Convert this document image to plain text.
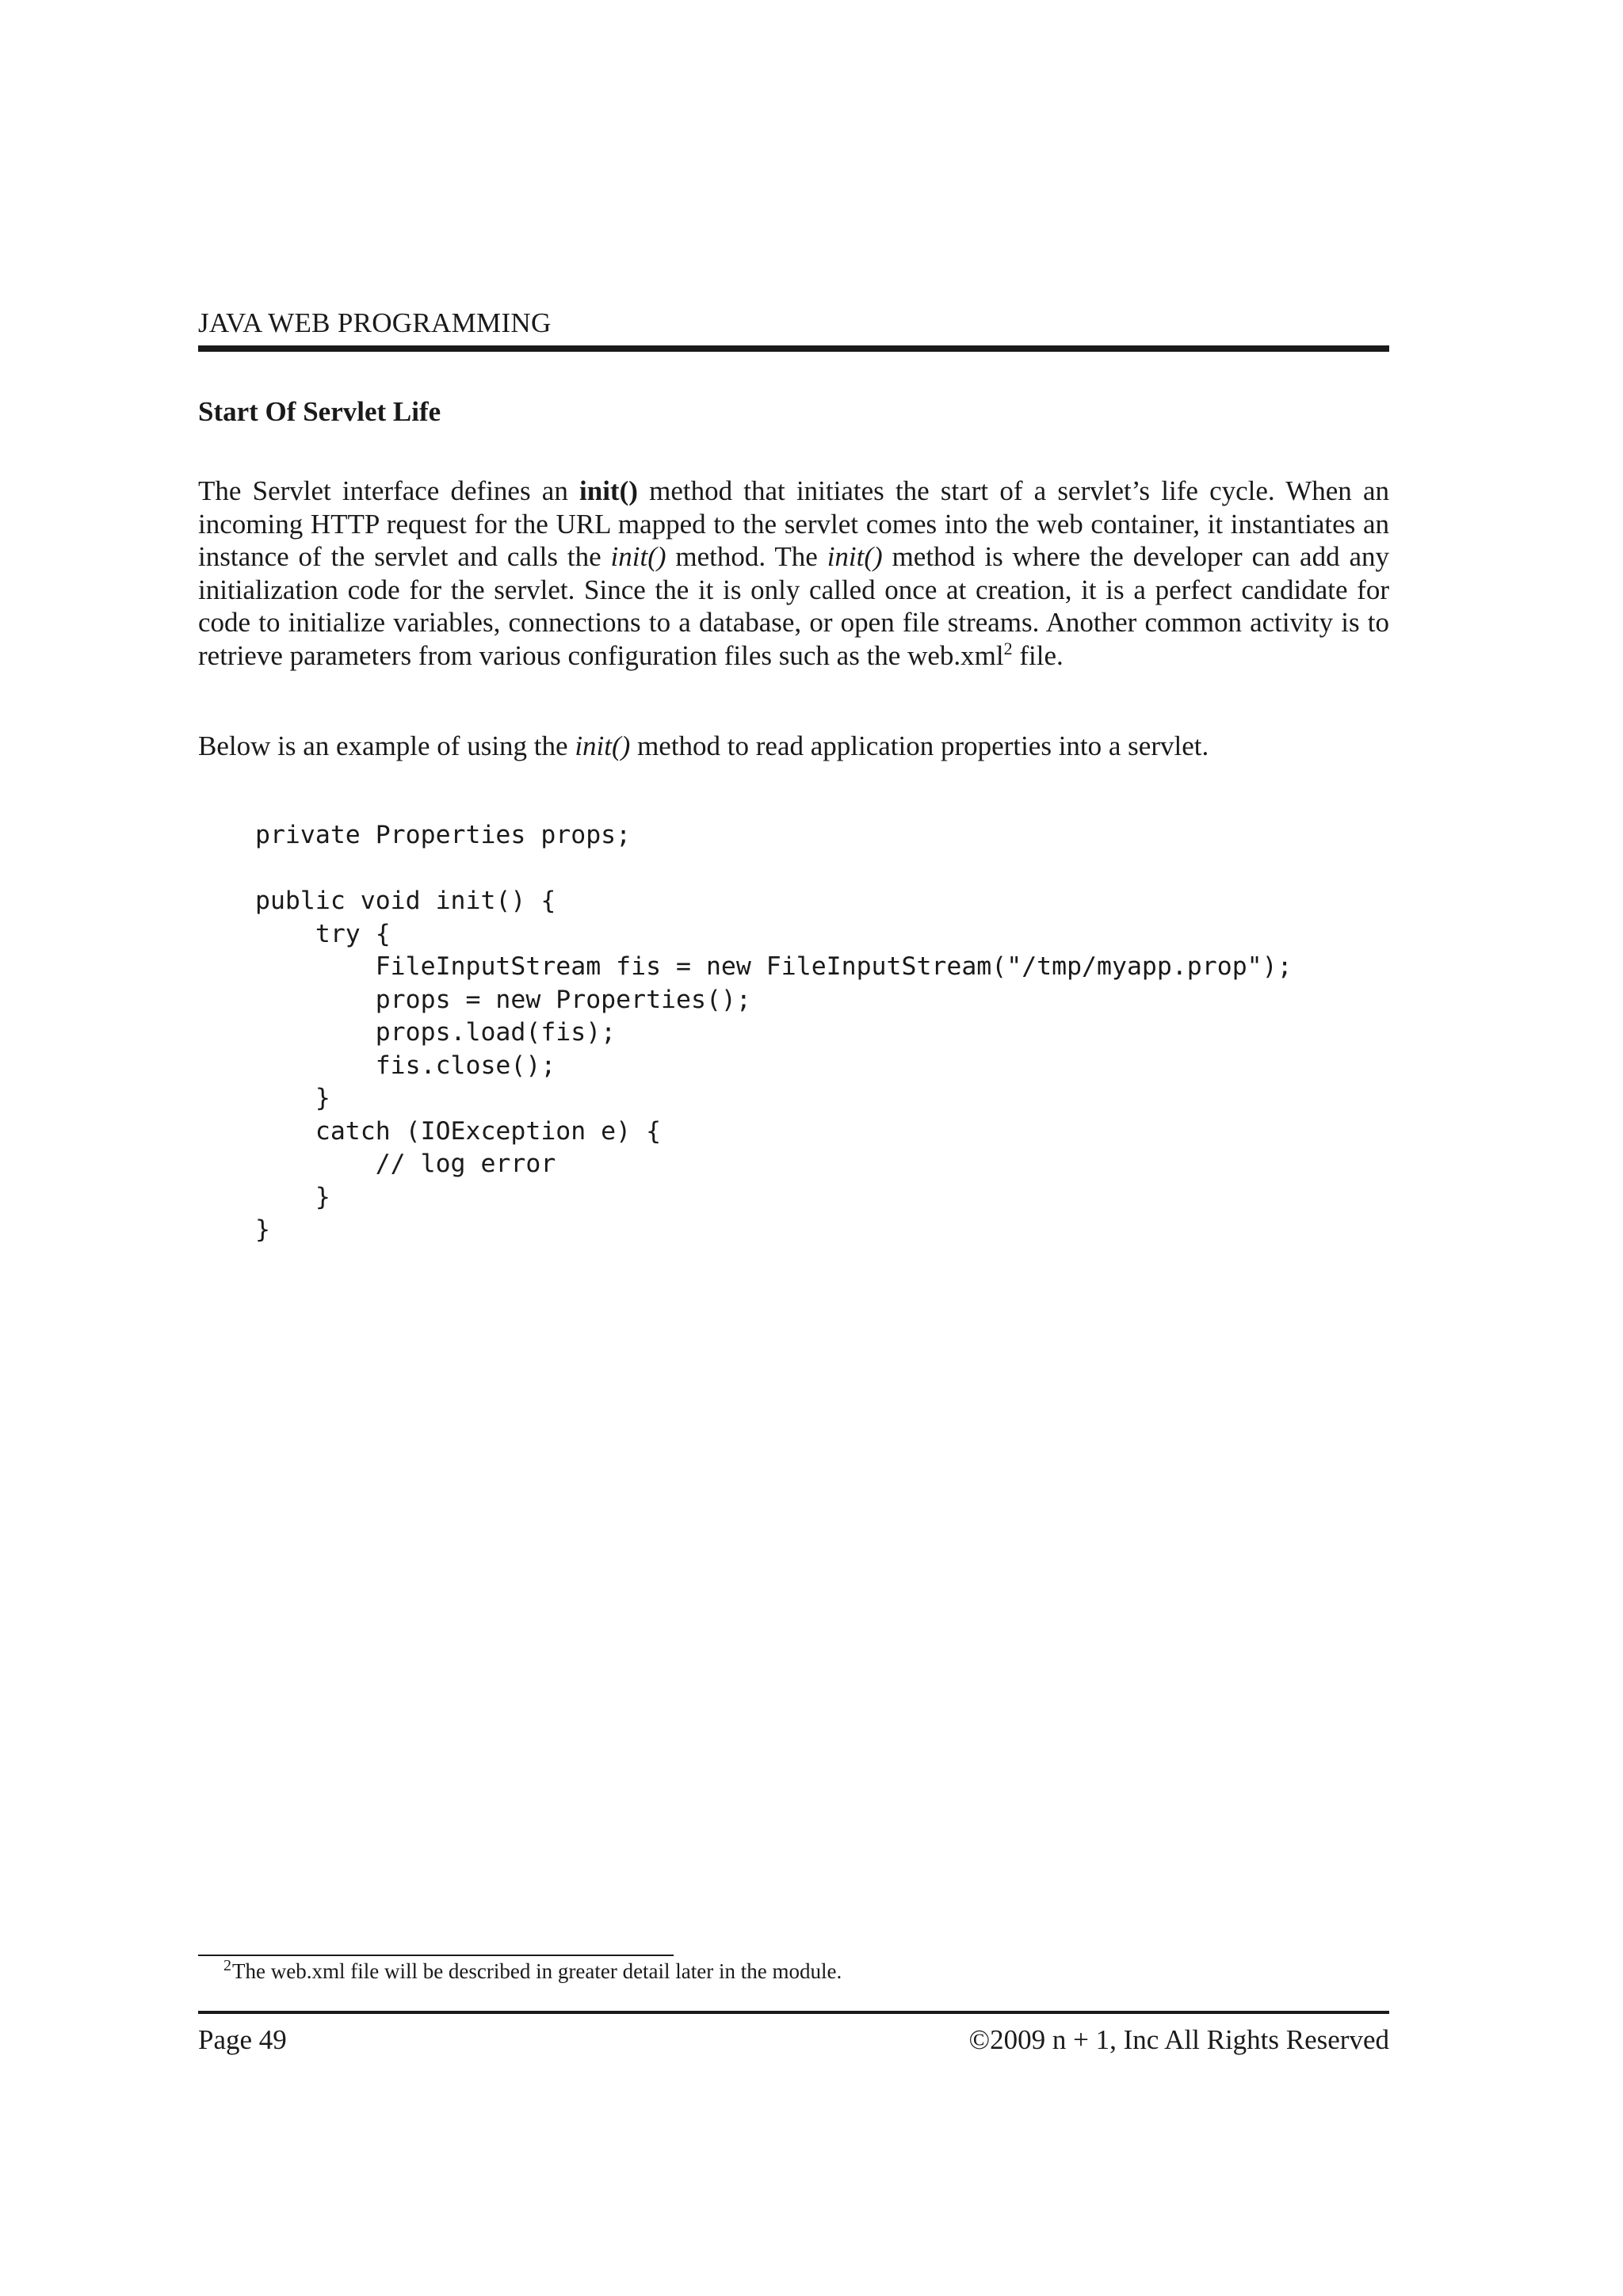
JAVA WEB PROGRAMMING
Start Of Servlet Life

The Servlet interface defines an init() method that initiates the start of a servlet’s life cycle. When an incoming HTTP request for the URL mapped to the servlet comes into the web container, it instantiates an instance of the servlet and calls the init() method. The init() method is where the developer can add any initialization code for the servlet. Since the it is only called once at creation, it is a perfect candidate for code to initialize variables, connections to a database, or open file streams. Another common activity is to retrieve parameters from various configuration files such as the web.xml$^2$ file.

Below is an example of using the init() method to read application properties into a servlet.

private Properties props;

public void init() {
try {
FileInputStream fis = new FileInputStream("/tmp/myapp.prop");
props = new Properties();
props.load(fis);
fis.close();
}
catch (IOException e) {
// log error
}
}
$^2$The web.xml file will be described in greater detail later in the module.
Page 49	©2009 n + 1, Inc All Rights Reserved
